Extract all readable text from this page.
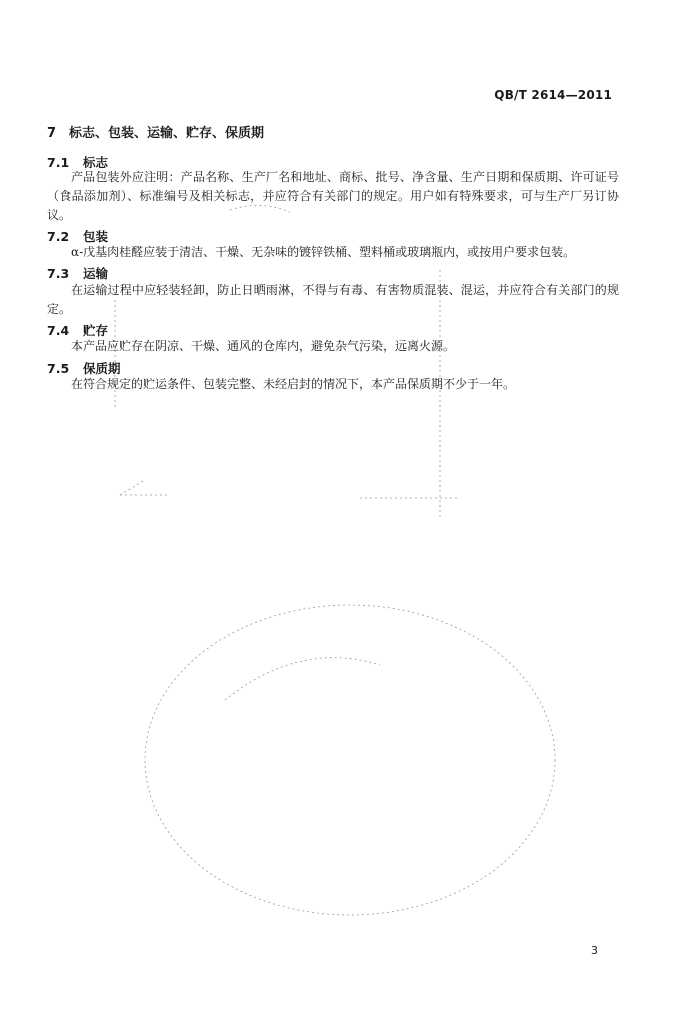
QB/T 2614—2011
7 标志、包装、运输、贮存、保质期
7.1 标志
产品包装外应注明：产品名称、生产厂名和地址、商标、批号、净含量、生产日期和保质期、许可证号（食品添加剂）、标准编号及相关标志，并应符合有关部门的规定。用户如有特殊要求，可与生产厂另订协议。
7.2 包装
α-戊基肉桂醛应装于清洁、干燥、无杂味的镀锌铁桶、塑料桶或玻璃瓶内，或按用户要求包装。
7.3 运输
在运输过程中应轻装轻卸，防止日晒雨淋，不得与有毒、有害物质混装、混运，并应符合有关部门的规定。
7.4 贮存
本产品应贮存在阴凉、干燥、通风的仓库内，避免杂气污染，远离火源。
7.5 保质期
在符合规定的贮运条件、包装完整、未经启封的情况下，本产品保质期不少于一年。
3
